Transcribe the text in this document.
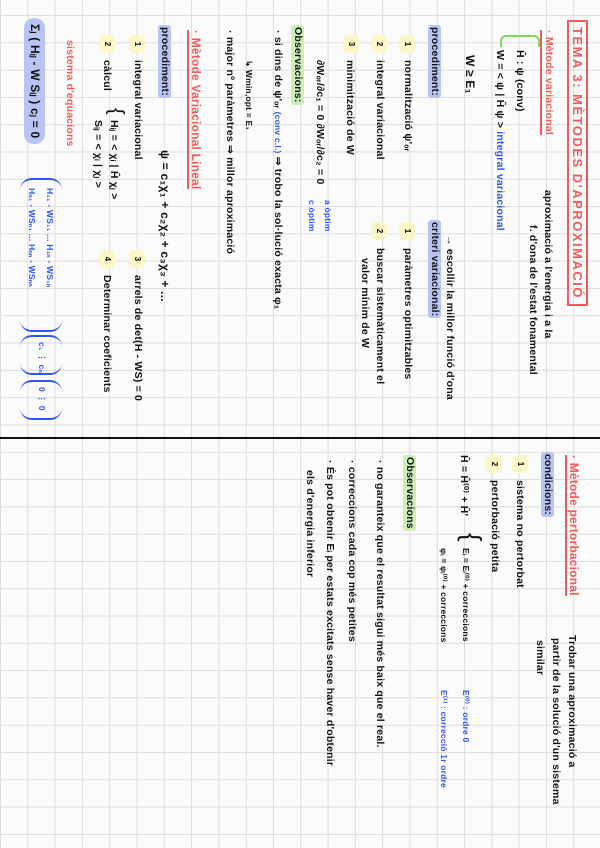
TEMA 3: MÈTODES D'APROXIMACIÓ
· Mètode variacional
aproximació a l'energia i a la
f. d'ona de l'estat fonamental
Ĥ : ψ (conv)
W = < ψ | Ĥ ψ > integral variacional
W ≥ E₁
→ escollir la millor funció d'ona
procediment:
1
normalització ψ'ₒᵣ
2
integral variacional
3
minimització de W
∂Wₒᵣ/∂c₁ = 0 ∂Wₒᵣ/∂c₂ = 0
a òptim
c òptim
criteri variacional:
1
paràmetres optimitzables
2
buscar sistemàticament el
valor mínim de W
Observacions:
· si dins de ψ'ₒᵣ (conv c.l.) ⇒ trobo la sol·lució exacta φ₁
↳ Wmín,opt = E₁
· major nº paràmetres ⇒ millor aproximació
· Mètode Variacional Lineal
procediment:
ψ = c₁χ₁ + c₂χ₂ + c₃χ₃ + ...
1
integral variacional
2
càlcul
{
Hᵢⱼ = < χᵢ | Ĥ χⱼ >
Sᵢⱼ = < χᵢ | χⱼ >
3
arrels de det(H - WS) = 0
4
Determinar coeficients
sistema d'equacions
Σⱼ ( Hᵢⱼ - W Sᵢⱼ ) cⱼ = 0
H₁₁ - WS₁₁ ... H₁ₙ - WS₁ₙ
Hₙ₁ - WSₙ₁ ... Hₙₙ - WSₙₙ
c₁ ⋮ cₙ
0 ⋮ 0
· Mètode pertorbacional
Trobar una aproximació a
partir de la solució d'un sistema
similar
condicions:
1
sistema no pertorbat
2
pertorbació petita
Ĥ = Ĥ⁽⁰⁾ + Ĥ'
{
Eᵢ = Eᵢ⁽⁰⁾ + correccions
φᵢ = φᵢ⁽⁰⁾ + correccions
E⁽⁰⁾ : ordre 0
E⁽¹⁾ : correcció 1r ordre
Observacions
· no garanteix que el resultat sigui més baix que el real.
· correccions cada cop més petites
· És pot obtenir Eᵢ per estats excitats sense haver d'obtenir
els d'energia inferior
